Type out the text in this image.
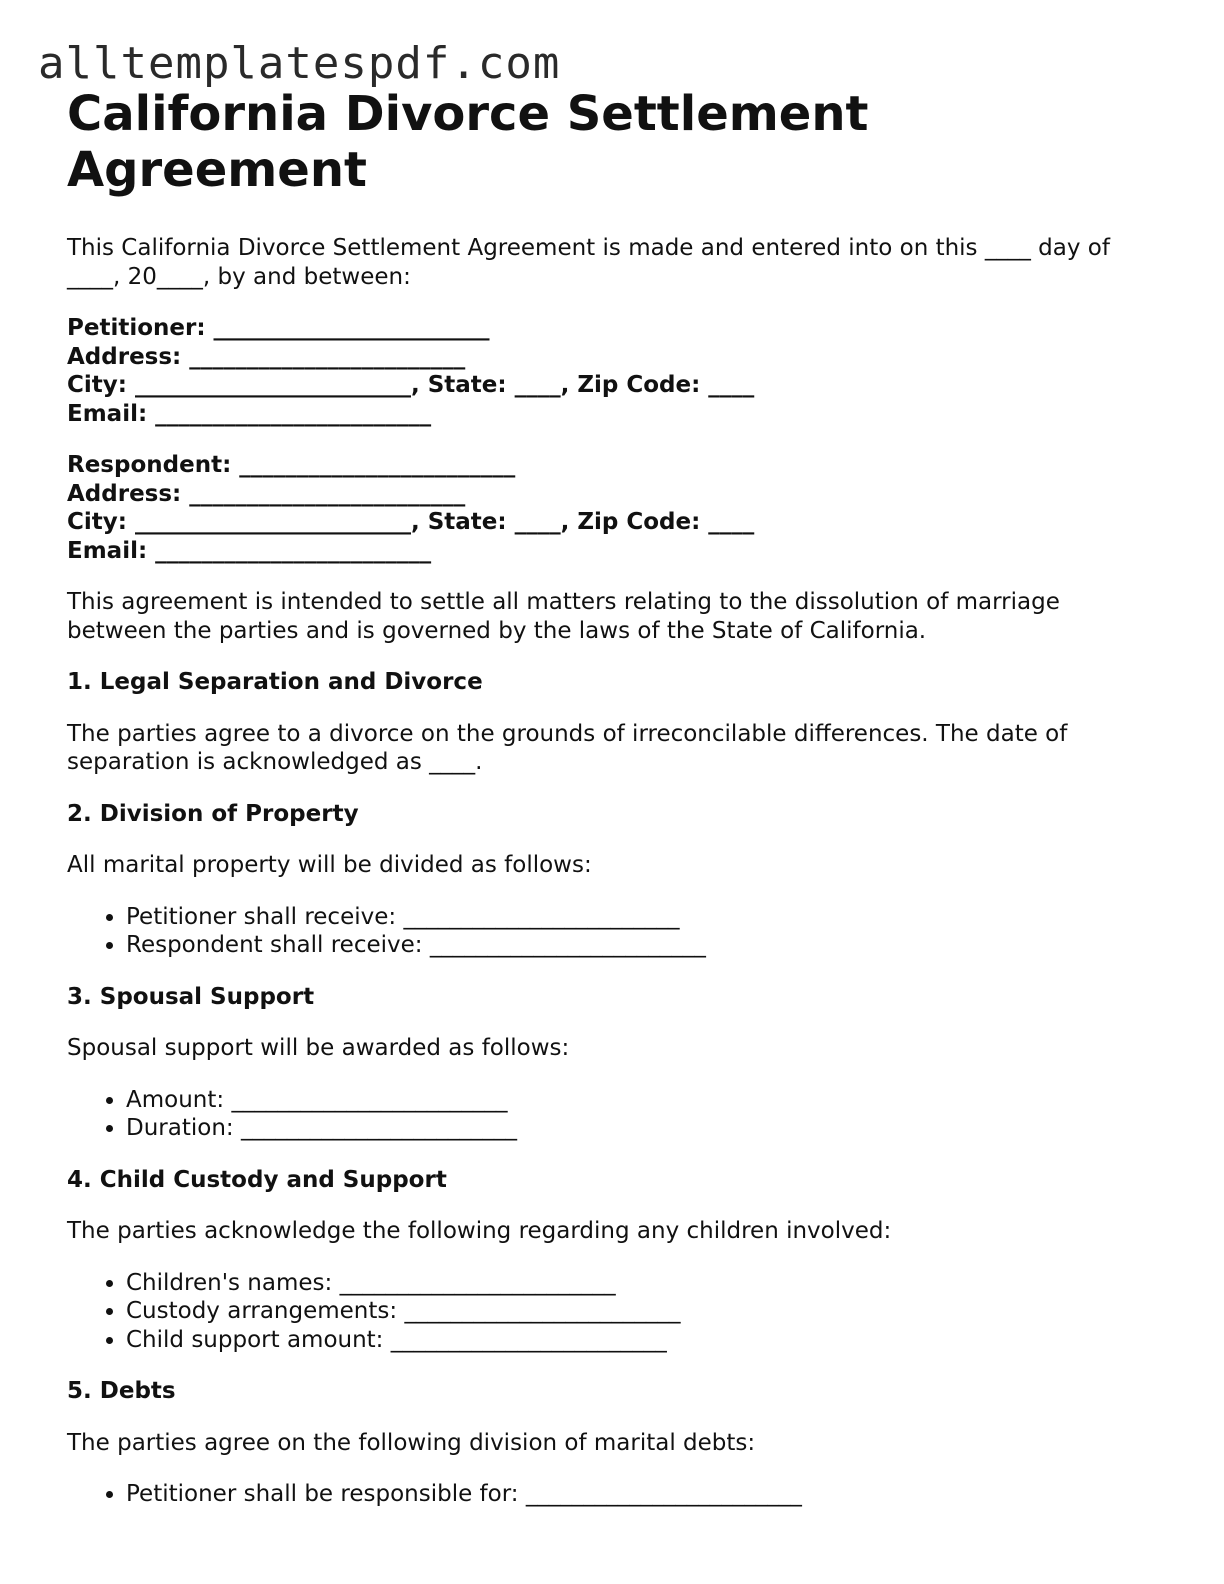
alltemplatespdf.com
California Divorce Settlement
Agreement

This California Divorce Settlement Agreement is made and entered into on this ____ day of
____, 20____, by and between:

Petitioner: ________________________
Address: ________________________
City: ________________________, State: ____, Zip Code: ____
Email: ________________________
Respondent: ________________________
Address: ________________________
City: ________________________, State: ____, Zip Code: ____
Email: ________________________

This agreement is intended to settle all matters relating to the dissolution of marriage
between the parties and is governed by the laws of the State of California.

1. Legal Separation and Divorce

The parties agree to a divorce on the grounds of irreconcilable differences. The date of
separation is acknowledged as ____.

2. Division of Property

All marital property will be divided as follows:

• Petitioner shall receive: ________________________
• Respondent shall receive: ________________________
3. Spousal Support

Spousal support will be awarded as follows:

• Amount: ________________________
• Duration: ________________________
4. Child Custody and Support

The parties acknowledge the following regarding any children involved:

• Children's names: ________________________
• Custody arrangements: ________________________
• Child support amount: ________________________
5. Debts

The parties agree on the following division of marital debts:

• Petitioner shall be responsible for: ________________________
